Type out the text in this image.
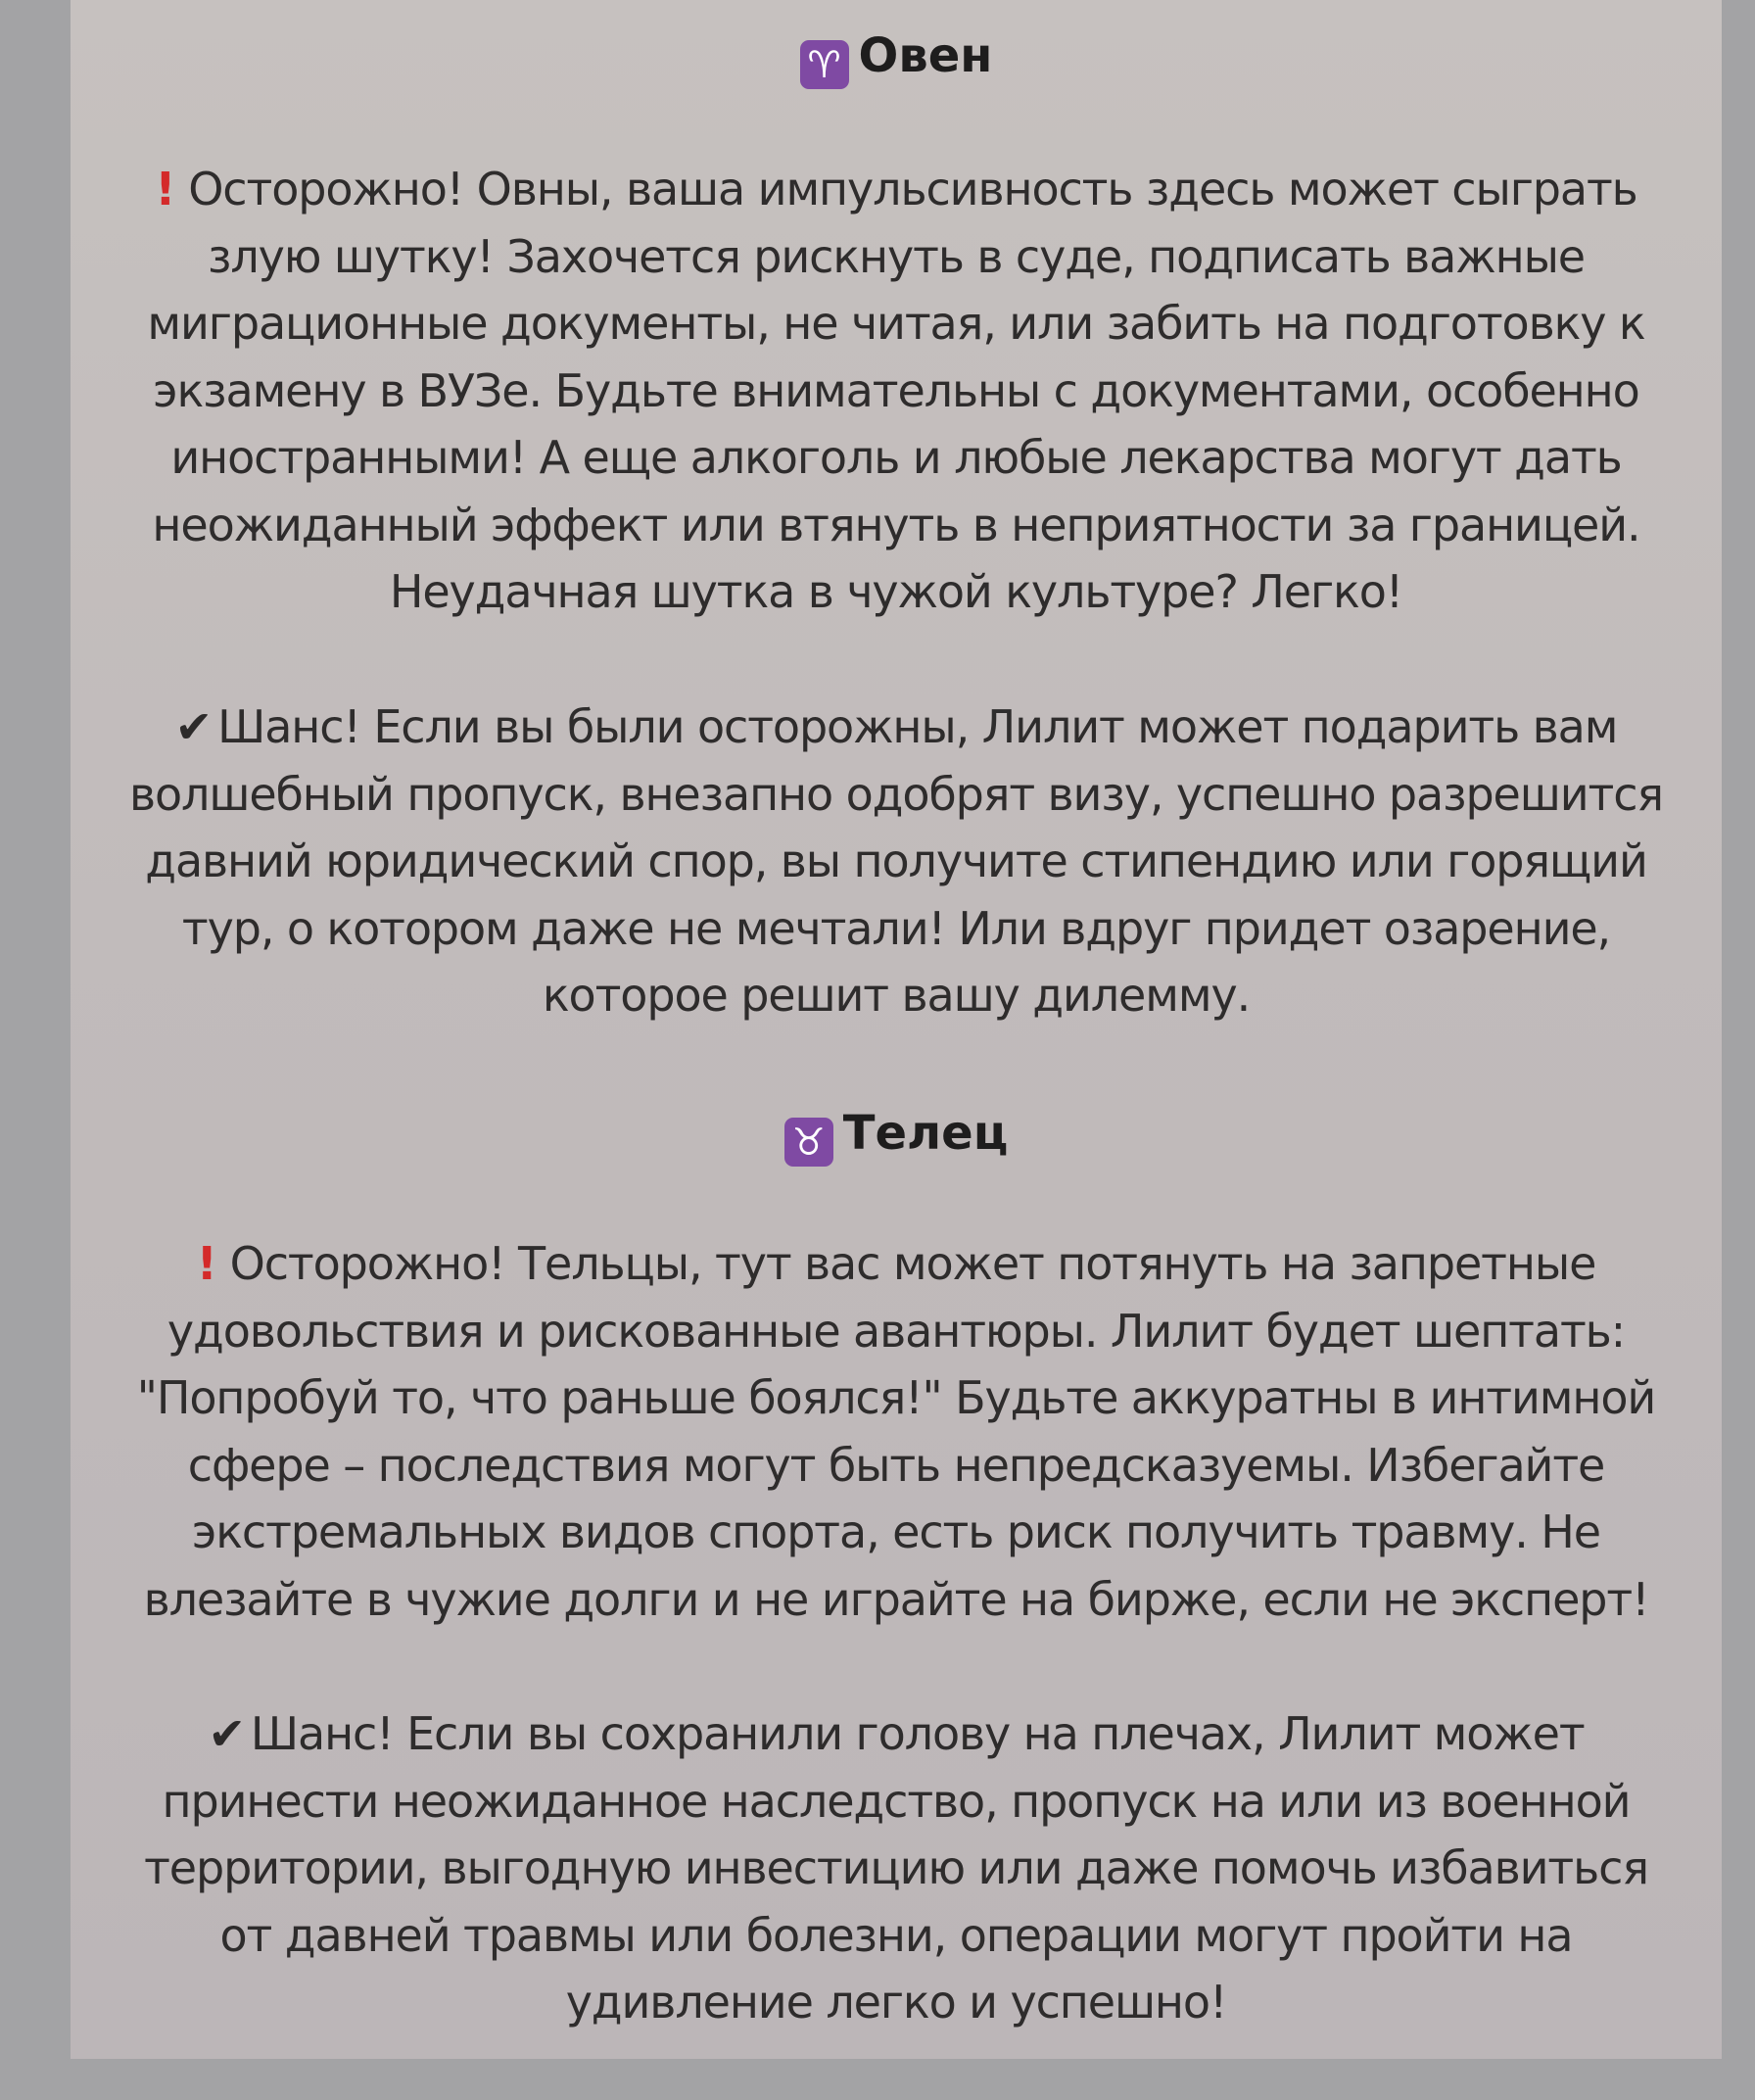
♈ Овен
! Осторожно! Овны, ваша импульсивность здесь может сыграть
злую шутку! Захочется рискнуть в суде, подписать важные
миграционные документы, не читая, или забить на подготовку к
экзамену в ВУЗе. Будьте внимательны с документами, особенно
иностранными! А еще алкоголь и любые лекарства могут дать
неожиданный эффект или втянуть в неприятности за границей.
Неудачная шутка в чужой культуре? Легко!
✔ Шанс! Если вы были осторожны, Лилит может подарить вам
волшебный пропуск, внезапно одобрят визу, успешно разрешится
давний юридический спор, вы получите стипендию или горящий
тур, о котором даже не мечтали! Или вдруг придет озарение,
которое решит вашу дилемму.
♉ Телец
! Осторожно! Тельцы, тут вас может потянуть на запретные
удовольствия и рискованные авантюры. Лилит будет шептать:
"Попробуй то, что раньше боялся!" Будьте аккуратны в интимной
сфере – последствия могут быть непредсказуемы. Избегайте
экстремальных видов спорта, есть риск получить травму. Не
влезайте в чужие долги и не играйте на бирже, если не эксперт!
✔ Шанс! Если вы сохранили голову на плечах, Лилит может
принести неожиданное наследство, пропуск на или из военной
территории, выгодную инвестицию или даже помочь избавиться
от давней травмы или болезни, операции могут пройти на
удивление легко и успешно!
